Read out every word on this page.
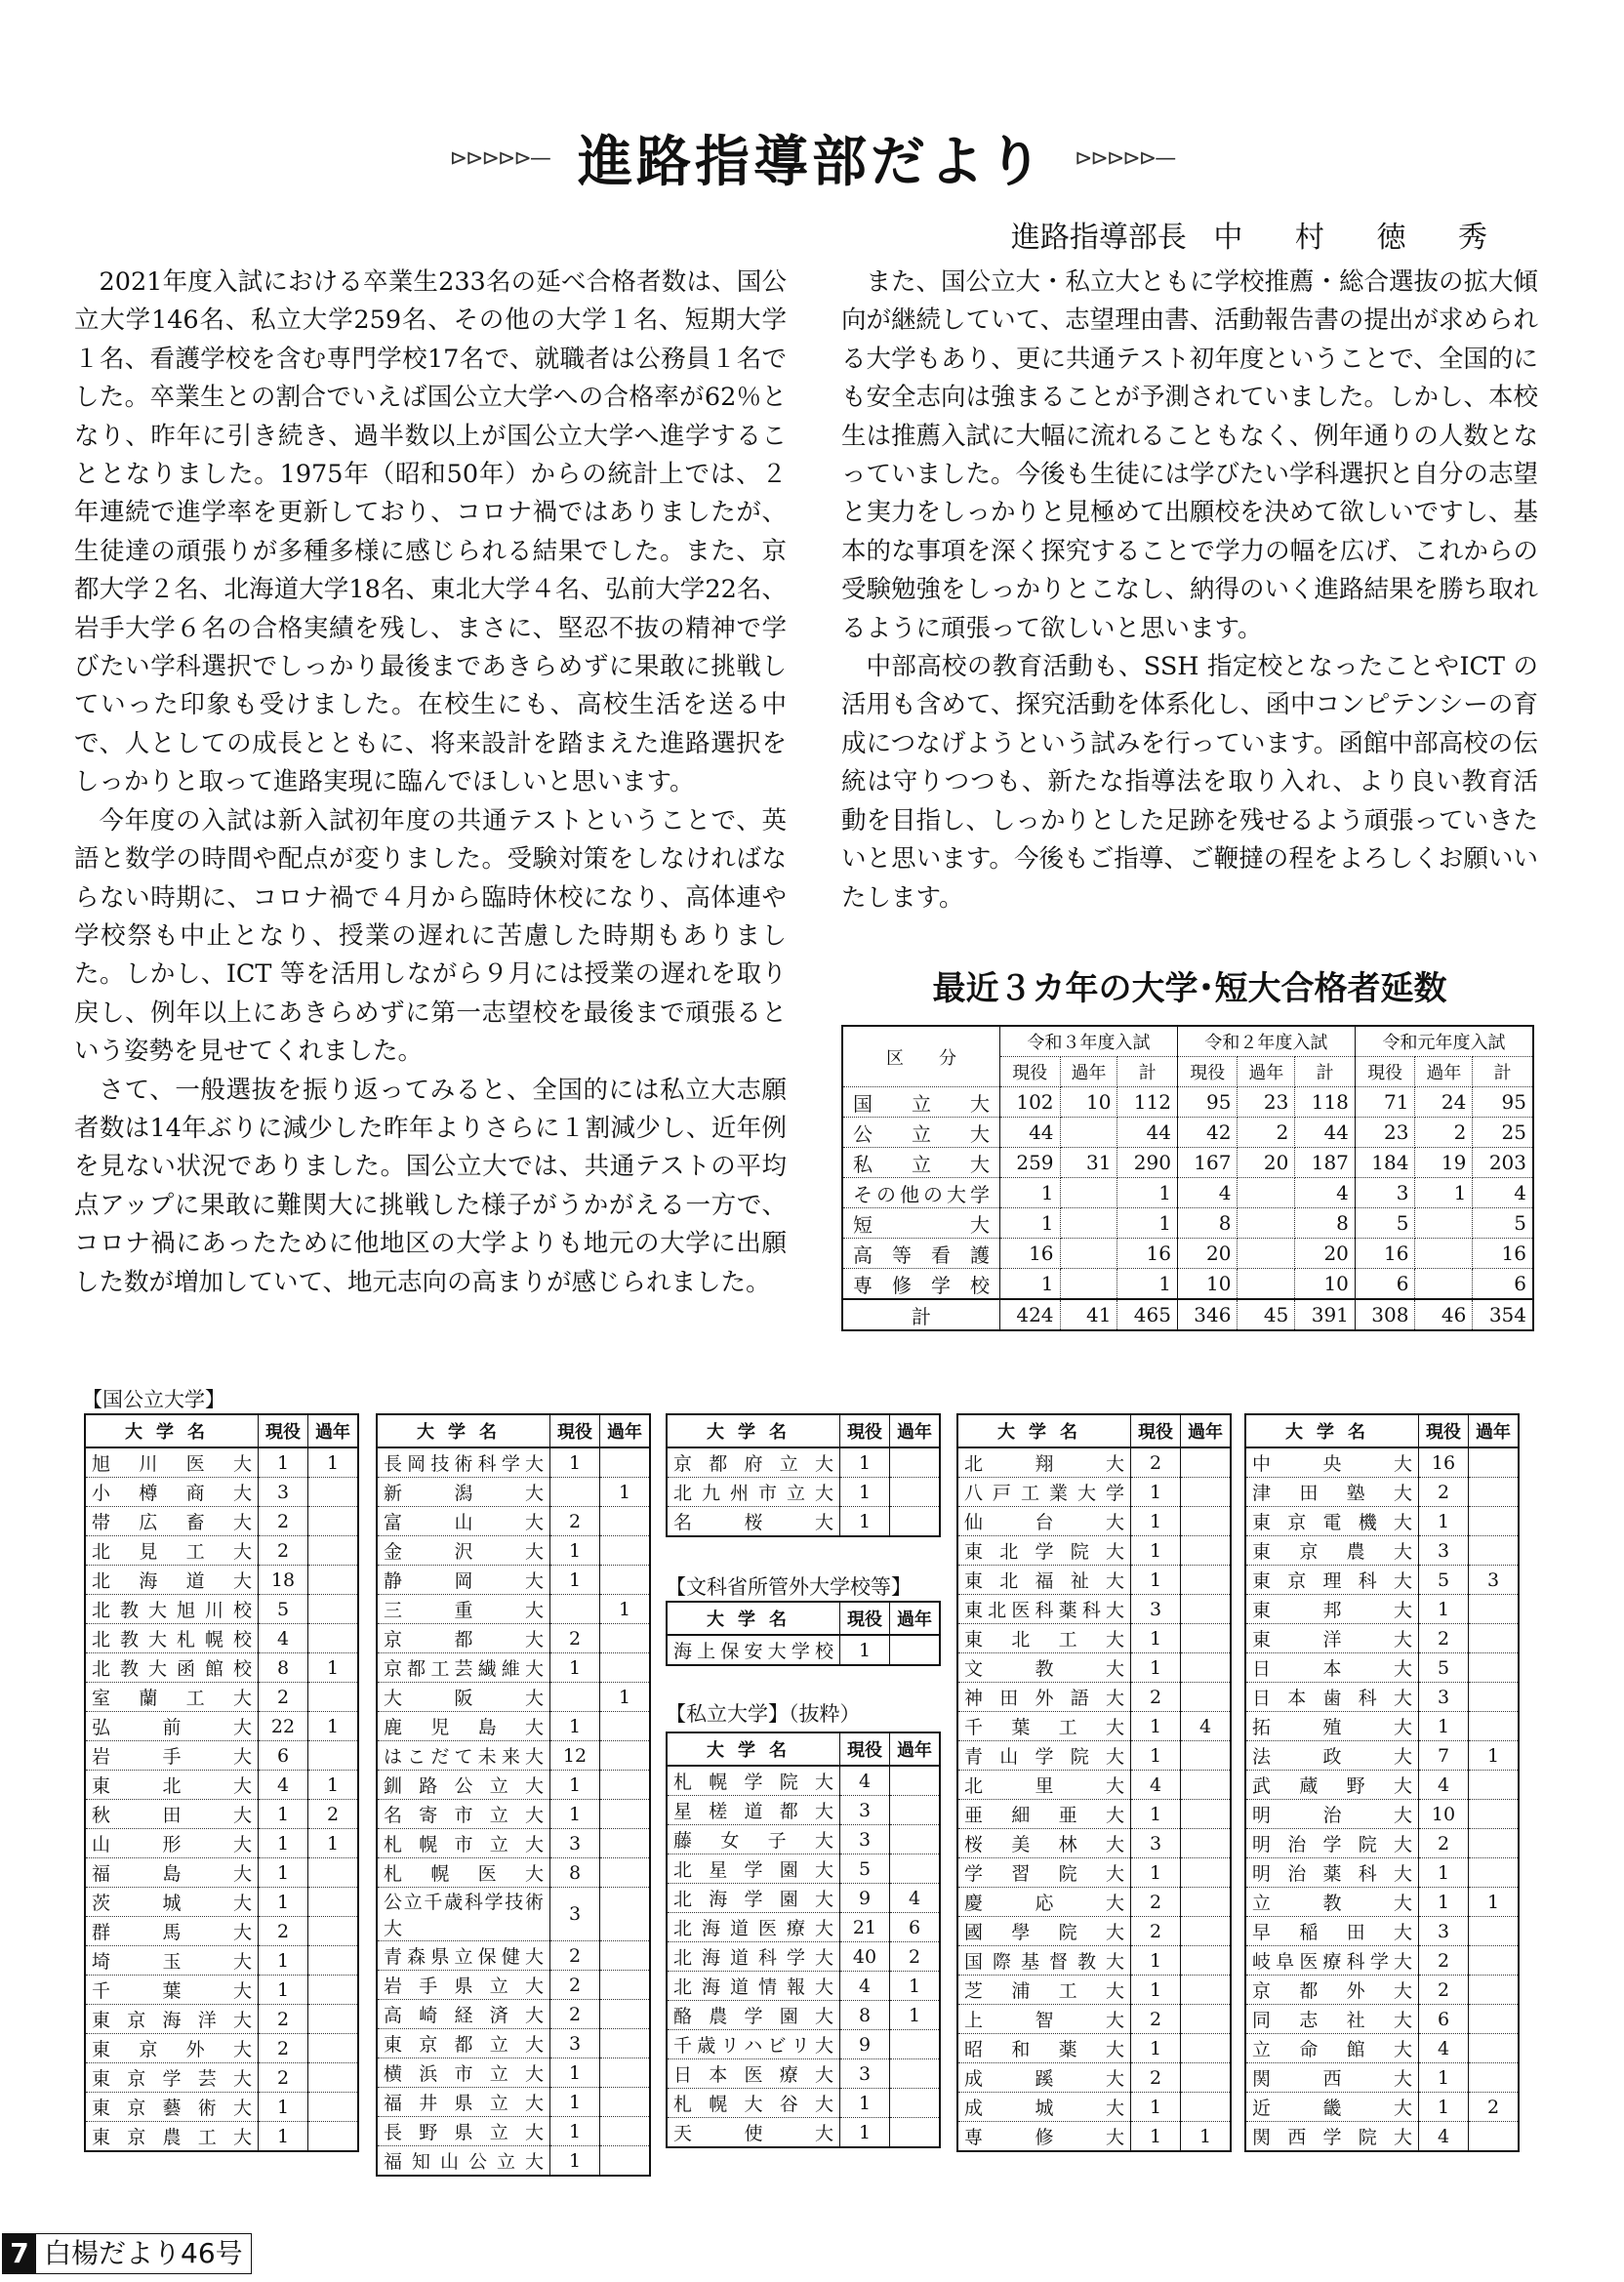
⊳⊳⊳⊳⊳— 進路指導部だより ⊳⊳⊳⊳⊳—
進路指導部長 中 村 徳 秀

2021年度入試における卒業生233名の延べ合格者数は、国公立大学146名、私立大学259名、その他の大学１名、短期大学１名、看護学校を含む専門学校17名で、就職者は公務員１名でした。卒業生との割合でいえば国公立大学への合格率が62％となり、昨年に引き続き、過半数以上が国公立大学へ進学することとなりました。1975年（昭和50年）からの統計上では、２年連続で進学率を更新しており、コロナ禍ではありましたが、生徒達の頑張りが多種多様に感じられる結果でした。また、京都大学２名、北海道大学18名、東北大学４名、弘前大学22名、岩手大学６名の合格実績を残し、まさに、堅忍不抜の精神で学びたい学科選択でしっかり最後まであきらめずに果敢に挑戦していった印象も受けました。在校生にも、高校生活を送る中で、人としての成長とともに、将来設計を踏まえた進路選択をしっかりと取って進路実現に臨んでほしいと思います。

今年度の入試は新入試初年度の共通テストということで、英語と数学の時間や配点が変りました。受験対策をしなければならない時期に、コロナ禍で４月から臨時休校になり、高体連や学校祭も中止となり、授業の遅れに苦慮した時期もありました。しかし、ICT 等を活用しながら９月には授業の遅れを取り戻し、例年以上にあきらめずに第一志望校を最後まで頑張るという姿勢を見せてくれました。

さて、一般選抜を振り返ってみると、全国的には私立大志願者数は14年ぶりに減少した昨年よりさらに１割減少し、近年例を見ない状況でありました。国公立大では、共通テストの平均点アップに果敢に難関大に挑戦した様子がうかがえる一方で、コロナ禍にあったために他地区の大学よりも地元の大学に出願した数が増加していて、地元志向の高まりが感じられました。

また、国公立大・私立大ともに学校推薦・総合選抜の拡大傾向が継続していて、志望理由書、活動報告書の提出が求められる大学もあり、更に共通テスト初年度ということで、全国的にも安全志向は強まることが予測されていました。しかし、本校生は推薦入試に大幅に流れることもなく、例年通りの人数となっていました。今後も生徒には学びたい学科選択と自分の志望と実力をしっかりと見極めて出願校を決めて欲しいですし、基本的な事項を深く探究することで学力の幅を広げ、これからの受験勉強をしっかりとこなし、納得のいく進路結果を勝ち取れるように頑張って欲しいと思います。

中部高校の教育活動も、SSH 指定校となったことやICT の活用も含めて、探究活動を体系化し、函中コンピテンシーの育成につなげようという試みを行っています。函館中部高校の伝統は守りつつも、新たな指導法を取り入れ、より良い教育活動を目指し、しっかりとした足跡を残せるよう頑張っていきたいと思います。今後もご指導、ご鞭撻の程をよろしくお願いいたします。

最近３カ年の大学･短大合格者延数
区　　分	令和３年度入試			令和２年度入試			令和元年度入試		
	現役	過年	計	現役	過年	計	現役	過年	計
国立大	102	10	112	95	23	118	71	24	95
公立大	44		44	42	2	44	23	2	25
私立大	259	31	290	167	20	187	184	19	203
その他の大学	1		1	4		4	3	1	4
短大	1		1	8		8	5		5
高等看護	16		16	20		20	16		16
専修学校	1		1	10		10	6		6
計	424	41	465	346	45	391	308	46	354
【国公立大学】
大学名	現役	過年
旭川医大	1	1
小樽商大	3	
帯広畜大	2	
北見工大	2	
北海道大	18	
北教大旭川校	5	
北教大札幌校	4	
北教大函館校	8	1
室蘭工大	2	
弘前大	22	1
岩手大	6	
東北大	4	1
秋田大	1	2
山形大	1	1
福島大	1	
茨城大	1	
群馬大	2	
埼玉大	1	
千葉大	1	
東京海洋大	2	
東京外大	2	
東京学芸大	2	
東京藝術大	1	
東京農工大	1	
大学名	現役	過年
長岡技術科学大	1	
新潟大		1
富山大	2	
金沢大	1	
静岡大	1	
三重大		1
京都大	2	
京都工芸繊維大	1	
大阪大		1
鹿児島大	1	
はこだて未来大	12	
釧路公立大	1	
名寄市立大	1	
札幌市立大	3	
札幌医大	8	
公立千歳科学技術大	3	
青森県立保健大	2	
岩手県立大	2	
高崎経済大	2	
東京都立大	3	
横浜市立大	1	
福井県立大	1	
長野県立大	1	
福知山公立大	1	
大学名	現役	過年
京都府立大	1	
北九州市立大	1	
名桜大	1	
【文科省所管外大学校等】
大学名	現役	過年
海上保安大学校	1	
【私立大学】（抜粋）
大学名	現役	過年
札幌学院大	4	
星槎道都大	3	
藤女子大	3	
北星学園大	5	
北海学園大	9	4
北海道医療大	21	6
北海道科学大	40	2
北海道情報大	4	1
酪農学園大	8	1
千歳リハビリ大	9	
日本医療大	3	
札幌大谷大	1	
天使大	1	
大学名	現役	過年
北翔大	2	
八戸工業大学	1	
仙台大	1	
東北学院大	1	
東北福祉大	1	
東北医科薬科大	3	
東北工大	1	
文教大	1	
神田外語大	2	
千葉工大	1	4
青山学院大	1	
北里大	4	
亜細亜大	1	
桜美林大	3	
学習院大	1	
慶応大	2	
國學院大	2	
国際基督教大	1	
芝浦工大	1	
上智大	2	
昭和薬大	1	
成蹊大	2	
成城大	1	
専修大	1	1
大学名	現役	過年
中央大	16	
津田塾大	2	
東京電機大	1	
東京農大	3	
東京理科大	5	3
東邦大	1	
東洋大	2	
日本大	5	
日本歯科大	3	
拓殖大	1	
法政大	7	1
武蔵野大	4	
明治大	10	
明治学院大	2	
明治薬科大	1	
立教大	1	1
早稲田大	3	
岐阜医療科学大	2	
京都外大	2	
同志社大	6	
立命館大	4	
関西大	1	
近畿大	1	2
関西学院大	4	
7 白楊だより46号
